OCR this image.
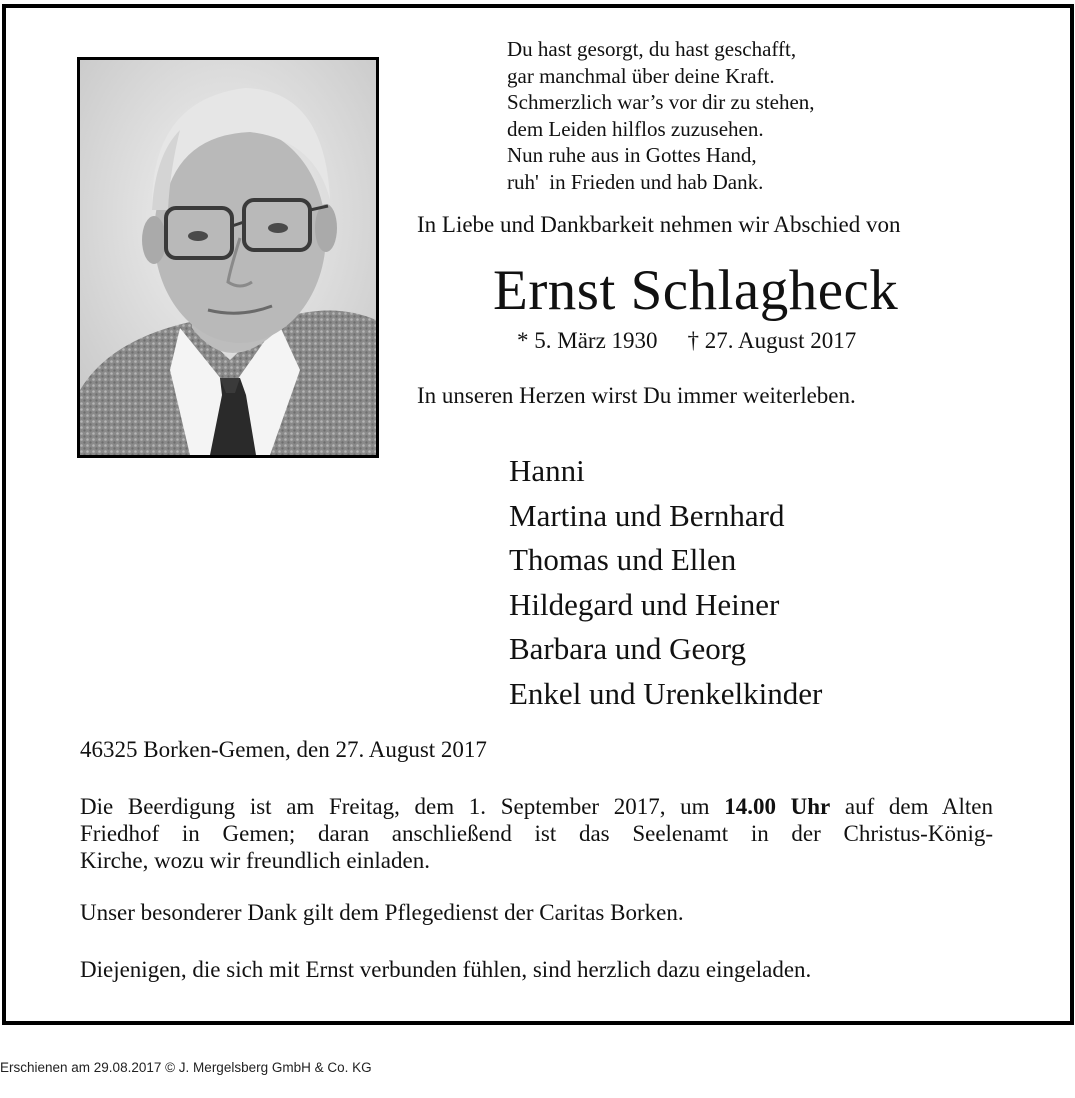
Du hast gesorgt, du hast geschafft,
gar manchmal über deine Kraft.
Schmerzlich war’s vor dir zu stehen,
dem Leiden hilflos zuzusehen.
Nun ruhe aus in Gottes Hand,
ruh'  in Frieden und hab Dank.
In Liebe und Dankbarkeit nehmen wir Abschied von
Ernst Schlagheck
* 5. März 1930 † 27. August 2017
In unseren Herzen wirst Du immer weiterleben.
Hanni
Martina und Bernhard
Thomas und Ellen
Hildegard und Heiner
Barbara und Georg
Enkel und Urenkelkinder
46325 Borken-Gemen, den 27. August 2017
Die Beerdigung ist am Freitag, dem 1. September 2017, um 14.00 Uhr auf dem Alten
Friedhof in Gemen; daran anschließend ist das Seelenamt in der Christus-König-
Kirche, wozu wir freundlich einladen.
Unser besonderer Dank gilt dem Pflegedienst der Caritas Borken.
Diejenigen, die sich mit Ernst verbunden fühlen, sind herzlich dazu eingeladen.
Erschienen am 29.08.2017 © J. Mergelsberg GmbH & Co. KG
